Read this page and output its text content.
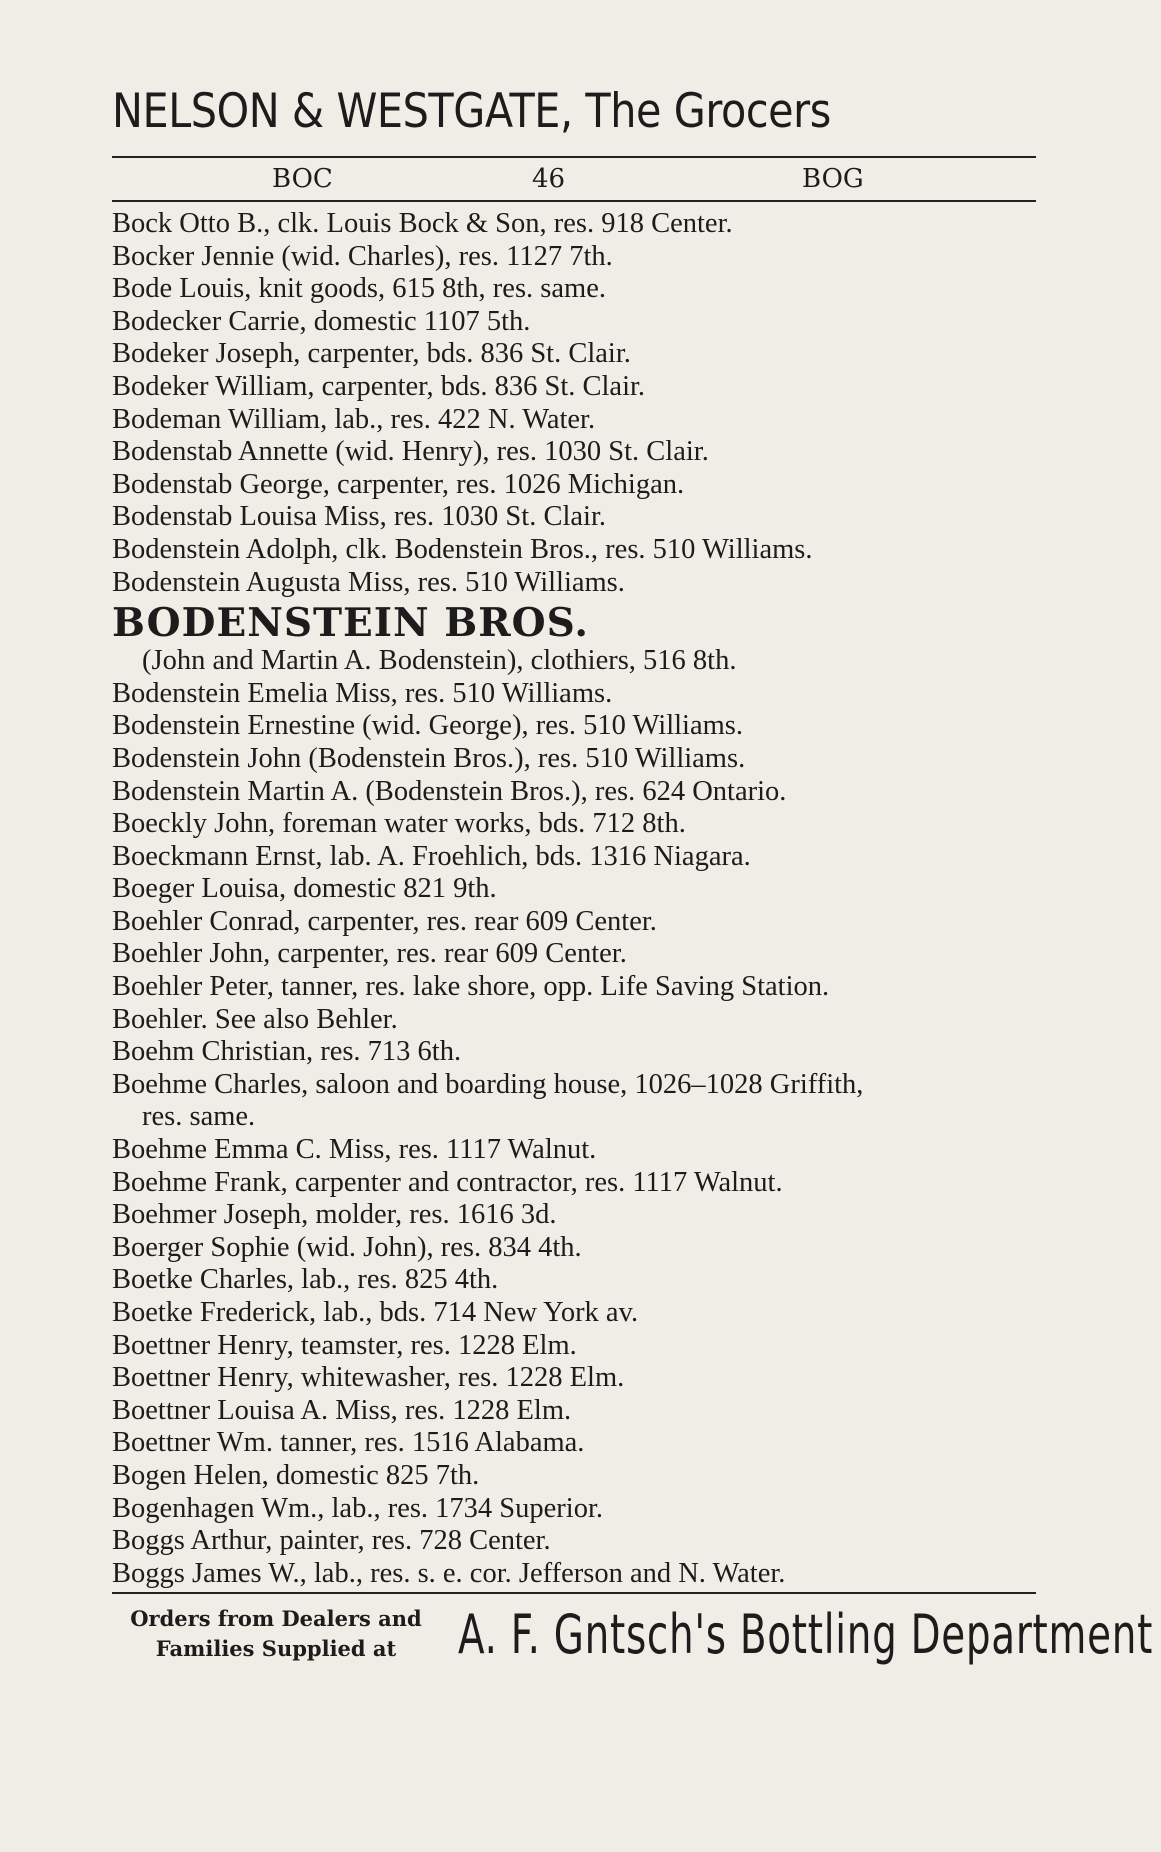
NELSON & WESTGATE, The Grocers
BOC	46	BOG
Bock Otto B., clk. Louis Bock & Son, res. 918 Center.
Bocker Jennie (wid. Charles), res. 1127 7th.
Bode Louis, knit goods, 615 8th, res. same.
Bodecker Carrie, domestic 1107 5th.
Bodeker Joseph, carpenter, bds. 836 St. Clair.
Bodeker William, carpenter, bds. 836 St. Clair.
Bodeman William, lab., res. 422 N. Water.
Bodenstab Annette (wid. Henry), res. 1030 St. Clair.
Bodenstab George, carpenter, res. 1026 Michigan.
Bodenstab Louisa Miss, res. 1030 St. Clair.
Bodenstein Adolph, clk. Bodenstein Bros., res. 510 Williams.
Bodenstein Augusta Miss, res. 510 Williams.
BODENSTEIN BROS.
(John and Martin A. Bodenstein), clothiers, 516 8th.
Bodenstein Emelia Miss, res. 510 Williams.
Bodenstein Ernestine (wid. George), res. 510 Williams.
Bodenstein John (Bodenstein Bros.), res. 510 Williams.
Bodenstein Martin A. (Bodenstein Bros.), res. 624 Ontario.
Boeckly John, foreman water works, bds. 712 8th.
Boeckmann Ernst, lab. A. Froehlich, bds. 1316 Niagara.
Boeger Louisa, domestic 821 9th.
Boehler Conrad, carpenter, res. rear 609 Center.
Boehler John, carpenter, res. rear 609 Center.
Boehler Peter, tanner, res. lake shore, opp. Life Saving Station.
Boehler. See also Behler.
Boehm Christian, res. 713 6th.
Boehme Charles, saloon and boarding house, 1026–1028 Griffith,
res. same.
Boehme Emma C. Miss, res. 1117 Walnut.
Boehme Frank, carpenter and contractor, res. 1117 Walnut.
Boehmer Joseph, molder, res. 1616 3d.
Boerger Sophie (wid. John), res. 834 4th.
Boetke Charles, lab., res. 825 4th.
Boetke Frederick, lab., bds. 714 New York av.
Boettner Henry, teamster, res. 1228 Elm.
Boettner Henry, whitewasher, res. 1228 Elm.
Boettner Louisa A. Miss, res. 1228 Elm.
Boettner Wm. tanner, res. 1516 Alabama.
Bogen Helen, domestic 825 7th.
Bogenhagen Wm., lab., res. 1734 Superior.
Boggs Arthur, painter, res. 728 Center.
Boggs James W., lab., res. s. e. cor. Jefferson and N. Water.
Orders from Dealers and
Families Supplied at	A. F. Gntsch's Bottling Department
